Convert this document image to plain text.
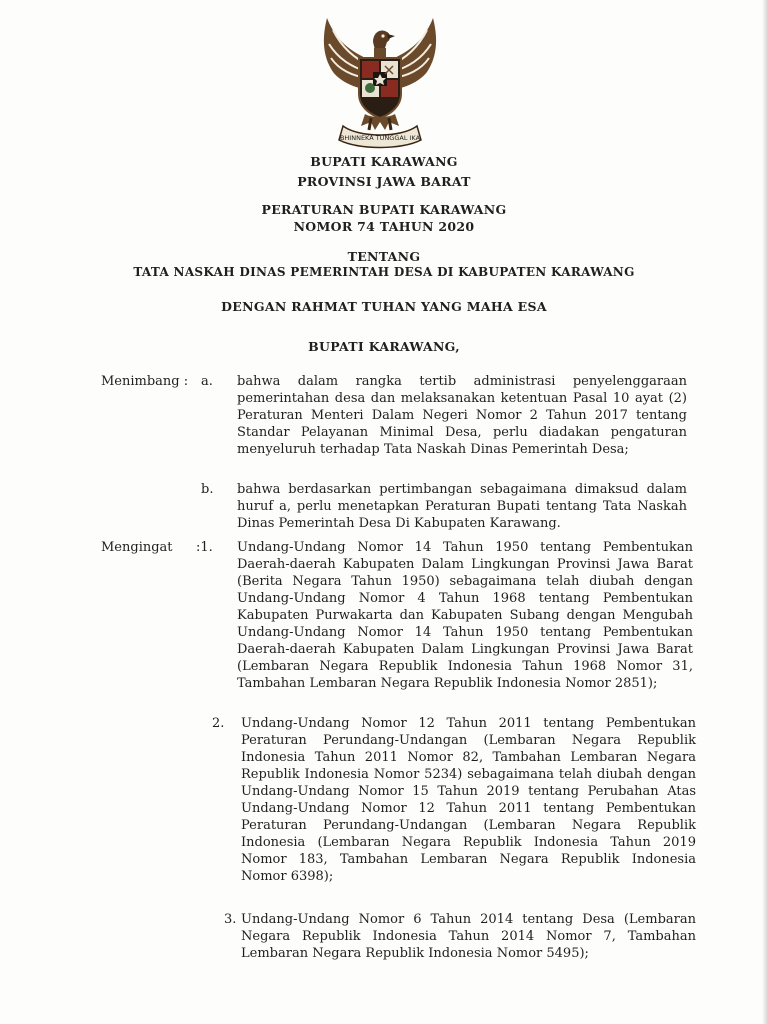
BHINNEKA TUNGGAL IKA
BUPATI KARAWANG
PROVINSI JAWA BARAT
PERATURAN BUPATI KARAWANG
NOMOR 74 TAHUN 2020
TENTANG
TATA NASKAH DINAS PEMERINTAH DESA DI KABUPATEN KARAWANG
DENGAN RAHMAT TUHAN YANG MAHA ESA
BUPATI KARAWANG,
Menimbang : a. bahwa dalam rangka tertib administrasi penyelenggaraan pemerintahan desa dan melaksanakan ketentuan Pasal 10 ayat (2) Peraturan Menteri Dalam Negeri Nomor 2 Tahun 2017 tentang Standar Pelayanan Minimal Desa, perlu diadakan pengaturan menyeluruh terhadap Tata Naskah Dinas Pemerintah Desa;
b. bahwa berdasarkan pertimbangan sebagaimana dimaksud dalam huruf a, perlu menetapkan Peraturan Bupati tentang Tata Naskah Dinas Pemerintah Desa Di Kabupaten Karawang.
Mengingat :1. Undang-Undang Nomor 14 Tahun 1950 tentang Pembentukan Daerah-daerah Kabupaten Dalam Lingkungan Provinsi Jawa Barat (Berita Negara Tahun 1950) sebagaimana telah diubah dengan Undang-Undang Nomor 4 Tahun 1968 tentang Pembentukan Kabupaten Purwakarta dan Kabupaten Subang dengan Mengubah Undang-Undang Nomor 14 Tahun 1950 tentang Pembentukan Daerah-daerah Kabupaten Dalam Lingkungan Provinsi Jawa Barat (Lembaran Negara Republik Indonesia Tahun 1968 Nomor 31, Tambahan Lembaran Negara Republik Indonesia Nomor 2851);
2. Undang-Undang Nomor 12 Tahun 2011 tentang Pembentukan Peraturan Perundang-Undangan (Lembaran Negara Republik Indonesia Tahun 2011 Nomor 82, Tambahan Lembaran Negara Republik Indonesia Nomor 5234) sebagaimana telah diubah dengan Undang-Undang Nomor 15 Tahun 2019 tentang Perubahan Atas Undang-Undang Nomor 12 Tahun 2011 tentang Pembentukan Peraturan Perundang-Undangan (Lembaran Negara Republik Indonesia (Lembaran Negara Republik Indonesia Tahun 2019 Nomor 183, Tambahan Lembaran Negara Republik Indonesia Nomor 6398);
3. Undang-Undang Nomor 6 Tahun 2014 tentang Desa (Lembaran Negara Republik Indonesia Tahun 2014 Nomor 7, Tambahan Lembaran Negara Republik Indonesia Nomor 5495);
